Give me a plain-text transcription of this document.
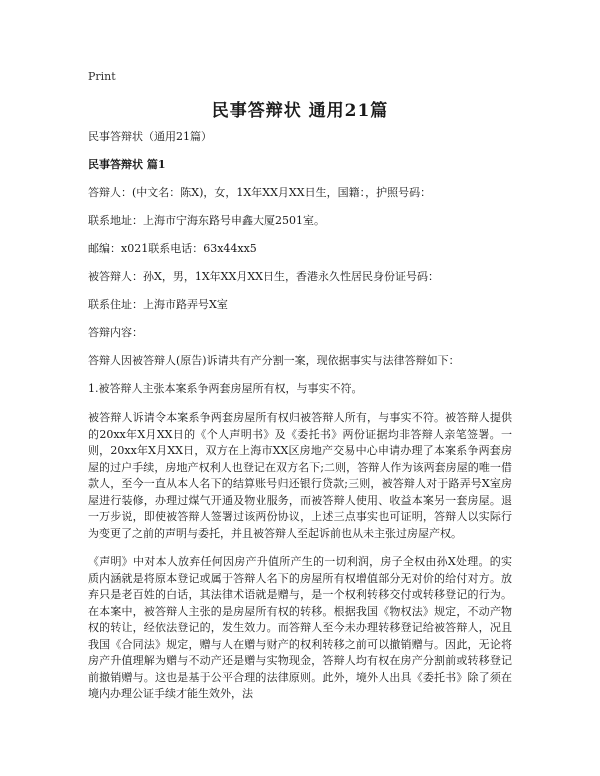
Print
民事答辩状 通用21篇

民事答辩状（通用21篇）

民事答辩状 篇1

答辩人：(中文名：陈X)，女，1X年XX月XX日生，国籍：，护照号码：

联系地址：上海市宁海东路号申鑫大厦2501室。

邮编：x021联系电话：63x44xx5

被答辩人：孙X，男，1X年XX月XX日生，香港永久性居民身份证号码：

联系住址：上海市路弄号X室

答辩内容：

答辩人因被答辩人(原告)诉请共有产分割一案，现依据事实与法律答辩如下：

1.被答辩人主张本案系争两套房屋所有权，与事实不符。

被答辩人诉请令本案系争两套房屋所有权归被答辩人所有，与事实不符。被答辩人提供的20xx年X月XX日的《个人声明书》及《委托书》两份证据均非答辩人亲笔签署。一则，20xx年X月XX日，双方在上海市XX区房地产交易中心申请办理了本案系争两套房屋的过户手续，房地产权利人也登记在双方名下;二则，答辩人作为该两套房屋的唯一借款人，至今一直从本人名下的结算账号归还银行贷款;三则，被答辩人对于路弄号X室房屋进行装修，办理过煤气开通及物业服务，而被答辩人使用、收益本案另一套房屋。退一万步说，即使被答辩人签署过该两份协议，上述三点事实也可证明，答辩人以实际行为变更了之前的声明与委托，并且被答辩人至起诉前也从未主张过房屋产权。

《声明》中对本人放弃任何因房产升值所产生的一切利润，房子全权由孙X处理。的实质内涵就是将原本登记或属于答辩人名下的房屋所有权增值部分无对价的给付对方。放弃只是老百姓的白话，其法律术语就是赠与，是一个权利转移交付或转移登记的行为。在本案中，被答辩人主张的是房屋所有权的转移。根据我国《物权法》规定，不动产物权的转让，经依法登记的，发生效力。而答辩人至今未办理转移登记给被答辩人，况且我国《合同法》规定，赠与人在赠与财产的权利转移之前可以撤销赠与。因此，无论将房产升值理解为赠与不动产还是赠与实物现金，答辩人均有权在房产分割前或转移登记前撤销赠与。这也是基于公平合理的法律原则。此外，境外人出具《委托书》除了须在境内办理公证手续才能生效外，法
